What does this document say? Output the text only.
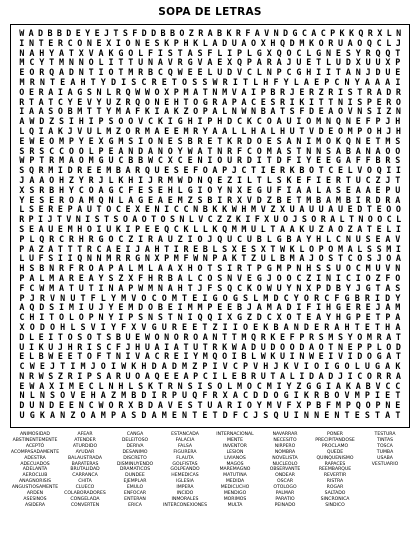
SOPA DE LETRAS
W A D B B D E Y E J T S F D D B B O Z R A B K R F A V N D G C A C P K K Q R X L N
I N T E R C O N E X I O N E S K P H K L A D U A O X H Q D M K O R U A O Q C L J
N A H Y A T X V A K G O L F I S T A S F L I P L G X Q O C L G N E S Y R Q Q T
M C Y T M N N O L I T T U N A V R G V A E X Q P A R A J U E T L U D X U U X P
E O R Q A D N T I O T M R B C Q W E E L U D V C L N P C G H I I T A N J D U E
M R N T E A H T Y D I S C R E T O S S W R I T L H F Y L A E P C N Y A A A I
O E R A I A G S N L R Q W W O X P M A T N M V A I P B R J E R Z R I S T R A D R
R T A T C Y E V Y U Z R Q O N E H T O G R A P A C E S R I K I T T N I S P E R O
I A A S O B M T T Y M A F K I A K Z O P A L N W N B A T S F D E A O V N S I Z N
A W D Z S I H I P S O O V C K I G H I P H D C K C O A U I O M N Q N E F P J H
L Q I A K J V U L M Z O R M A E E M R Y A A L L H A L H U T V D E O M P O H J H
E W E O M P Y E X G M S I O N E S B R E T K R D O E S A N I M O K Q N E T M S
S R S C C O O L P E A N D A N O Y W A T N R F C O M A S T N N S A B A N A O O
W P T R M A O M G U C B B W C X C E N I O U R D I T D F I Y E E G A F F B R S
S Q R M I D R E E M B A R Q U E S E F O A P J C T I E R K B O T C E L V O Q I I
J A A O H Z Y R J L K H I J R M W D N Q E Z I L T L S K E F I E R T U C Z J T
X S R B H Y C O A G C F E S E H L G I O Y N X E G U F I A A L A S E A A E P U
Y E S E R O A M Q N L A G E A E M Z S B I R X V D Z B E T M B A M B I R D R A
L S E R E P A U T O C E X E N I C C N B K K W H M V Z X U A U U A U E D T E O O
R P I J T V N I S T S O A O T O S N L V C Z Z K I F X U O J S O R A L T N O O C L
S E A U E M H O I U K I P E E Q C K L L K Q M M U L T A A K U Z A O Z A T E L I
P L Q R C R H R G O C Z I R A U Z I O J Q U C U B L G B A Y H L C N U S E A V
P A Z A T T T R C A E I J A H T I R E B L S X E S X T W K L O P O M A L S S M I
L U F S I I Q N N M R R G N X P M F W N P A K T Z U L B M A J O S T C O S J O A
H S B N R F R O A P A L M L A A X H O T S I R T P G M P N H S S U O C M U V N
P A L M A R E A Y S Z X F H R B A L C O S N V E G J O O C Z I N I C I O Z F O
F C W M A T U T I N A P W M N A H T J F S Q C K O W U Y N X P D B Y J G T A S
P J R V N U T F L Y M V O C O M T E I G O G S L M D C Y O R C F G B R I D Y
A Q D S I M I U J Y E M D O B E I M M P E E B J A M A D I F I H G E R E J A M
C H I T O L O P N Y I P S N S T N I Q Q I X G Z D C X O T E A Y H G P E T P A
X O D O H L S V I Y F X V G U R E E T Z I I O E K B A N D E R A H T E T H A
D L E I T O S O T S B U E W O N O R O A N T T M Q R K E F P R S M S Y O M R A T
U I K U J H R I S C F J H U A I A T U T R K W A D U D O O D A O T N E P P L O D
E L B W E E T O F T N I V A C R E I Y M Q O I B L W K U I N W E I V I D O G A T
C W E J T I M J O I W K H D A D M Z P I V C P V H J K V I O I G O L U G A K
N R W S Z R I P S A R U O A Q E E A P C I L E B R U T A L I D A D J I C O R R A
E W A X I M E C L N H L S K T R N S I S O L M O C M I Y Z G G I A K A B V C C
N L N S O V E H A Z M B D I R P U Q F R X A C D D O G I K R B O V M P I E T
D U N D E E N C W O R X B D A V E S T U A R I O Y M V F X P B F M P Q O P N E
U G K A N Z O A M P A S D A M E N T E T D F C J S Q U I N N E N T E S T A T
ANIMOSIDAD
ABSTINENTEMENTE
ACEPTÓ
ACOMPASADAMENTE
ADESTRA
ADECUADOS
ADELANTA
AEROCLUB
ANAGNORISIS
ANGUSTIOSAMENTE
ARDEN
ASESINOS
ASIDERA
AFEAR
ATENDER
ATURDIDO
AYUDAR
BALAUSTRADA
BARATERAS
BRUTALIDAD
CARRANCA
CHITA
CLUECO
COLABORADORES
CONGELADA
CONVERTEN
CANGA
DELEITOSO
DERIVA
DESANIMO
DISCRETO
DISMINUYENDO
DRAMATICOS
DUNDEE
EJEMPLAR
EMULO
ENFOCAR
ENTERAN
ERICA
ESTANCADA
FALACIA
FALSA
FIGURERA
FLAUTA
GOLFISTAS
GOLPEANDO
HEMEDICAS
IGLESIA
IMPERA
INCIDO
INMORALES
INTERCONEXIONES
INTERNACIONAL
MENTE
INVENTOR
LESION
LIVIANOS
MAGOS
MAREMAGNO
MATUTINA
MEDIDA
MEDICUCHO
MENDIGO
MORIMOS
MULTA
NAVARRAR
NECESITO
NIRPERO
NOMBRA
NOVELISTA
NUCLEOLO
OBSERVANTE
ONDEAR
OSCAR
OTOLOGO
PALMAR
PARATIO
PEINADO
PONER
PRECIPITANDOSE
PROCLAMO
QUEDE
QUINQUENISMO
RAPACES
REEMBARQUE
REVERTIR
RISTRA
ROGAR
SALTADO
SINCRONICA
SINDICO
TESTURA
TINTAS
TOSCA
TUMBA
USABA
VESTUARIO
